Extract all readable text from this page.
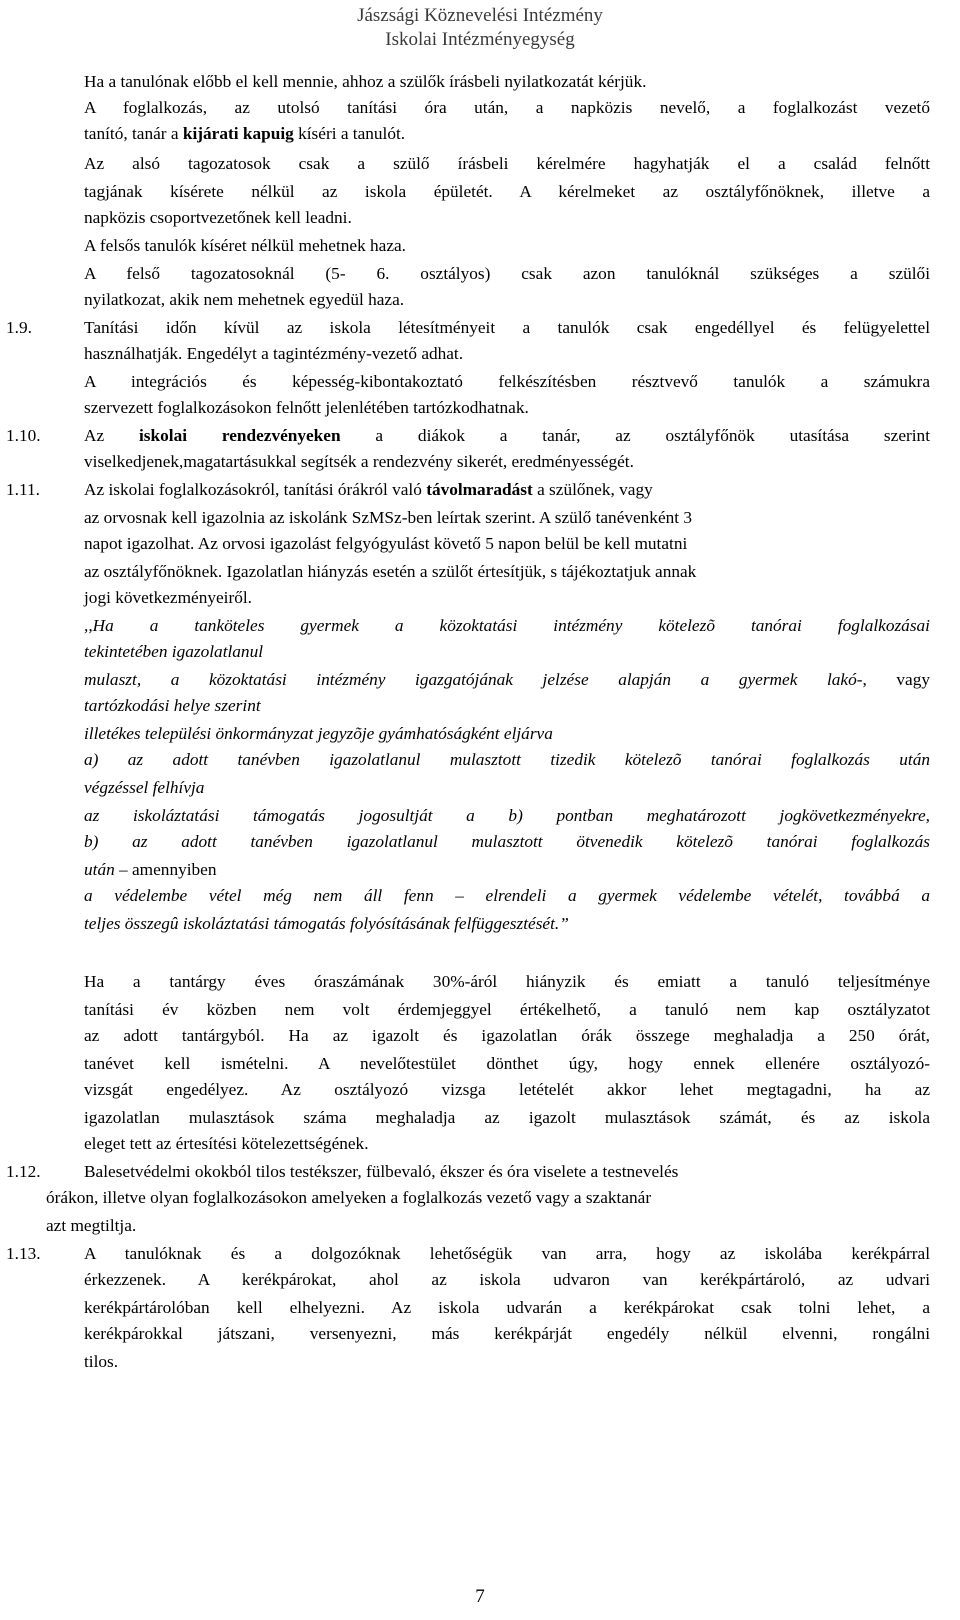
Jászsági Köznevelési Intézmény
Iskolai Intézményegység
Ha a tanulónak előbb el kell mennie, ahhoz a szülők írásbeli nyilatkozatát kérjük.
A foglalkozás, az utolsó tanítási óra után, a napközis nevelő, a foglalkozást vezető
tanító, tanár a kijárati kapuig kíséri a tanulót.
Az alsó tagozatosok csak a szülő írásbeli kérelmére hagyhatják el a család felnőtt
tagjának kísérete nélkül az iskola épületét. A kérelmeket az osztályfőnöknek, illetve a
napközis csoportvezetőnek kell leadni.
A felsős tanulók kíséret nélkül mehetnek haza.
A felső tagozatosoknál (5- 6. osztályos) csak azon tanulóknál szükséges a szülői
nyilatkozat, akik nem mehetnek egyedül haza.
1.9.	Tanítási időn kívül az iskola létesítményeit a tanulók csak engedéllyel és felügyelettel
használhatják. Engedélyt a tagintézmény-vezető adhat.
A integrációs és képesség-kibontakoztató felkészítésben résztvevő tanulók a számukra
szervezett foglalkozásokon felnőtt jelenlétében tartózkodhatnak.
1.10.	Az iskolai rendezvényeken a diákok a tanár, az osztályfőnök utasítása szerint
viselkedjenek,magatartásukkal segítsék a rendezvény sikerét, eredményességét.
1.11.	Az iskolai foglalkozásokról, tanítási órákról való távolmaradást a szülőnek, vagy
az orvosnak kell igazolnia az iskolánk SzMSz-ben leírtak szerint. A szülő tanévenként 3
napot igazolhat. Az orvosi igazolást felgyógyulást követő 5 napon belül be kell mutatni
az osztályfőnöknek. Igazolatlan hiányzás esetén a szülőt értesítjük, s tájékoztatjuk annak
jogi következményeiről.
,,Ha a tanköteles gyermek a közoktatási intézmény kötelezõ tanórai foglalkozásai
tekintetében igazolatlanul
mulaszt, a közoktatási intézmény igazgatójának jelzése alapján a gyermek lakó-, vagy
tartózkodási helye szerint
illetékes települési önkormányzat jegyzõje gyámhatóságként eljárva
a) az adott tanévben igazolatlanul mulasztott tizedik kötelezõ tanórai foglalkozás után
végzéssel felhívja
az iskoláztatási támogatás jogosultját a b) pontban meghatározott jogkövetkezményekre,
b) az adott tanévben igazolatlanul mulasztott ötvenedik kötelezõ tanórai foglalkozás
után – amennyiben
a védelembe vétel még nem áll fenn – elrendeli a gyermek védelembe vételét, továbbá a
teljes összegû iskoláztatási támogatás folyósításának felfüggesztését.”
Ha a tantárgy éves óraszámának 30%-áról hiányzik és emiatt a tanuló teljesítménye
tanítási év közben nem volt érdemjeggyel értékelhető, a tanuló nem kap osztályzatot
az adott tantárgyból. Ha az igazolt és igazolatlan órák összege meghaladja a 250 órát,
tanévet kell ismételni. A nevelőtestület dönthet úgy, hogy ennek ellenére osztályozó-
vizsgát engedélyez. Az osztályozó vizsga letételét akkor lehet megtagadni, ha az
igazolatlan mulasztások száma meghaladja az igazolt mulasztások számát, és az iskola
eleget tett az értesítési kötelezettségének.
1.12.	Balesetvédelmi okokból tilos testékszer, fülbevaló, ékszer és óra viselete a testnevelés
órákon, illetve olyan foglalkozásokon amelyeken a foglalkozás vezető vagy a szaktanár
azt megtiltja.
1.13.	A tanulóknak és a dolgozóknak lehetőségük van arra, hogy az iskolába kerékpárral
érkezzenek. A kerékpárokat, ahol az iskola udvaron van kerékpártároló, az udvari
kerékpártárolóban kell elhelyezni. Az iskola udvarán a kerékpárokat csak tolni lehet, a
kerékpárokkal játszani, versenyezni, más kerékpárját engedély nélkül elvenni, rongálni
tilos.
7
